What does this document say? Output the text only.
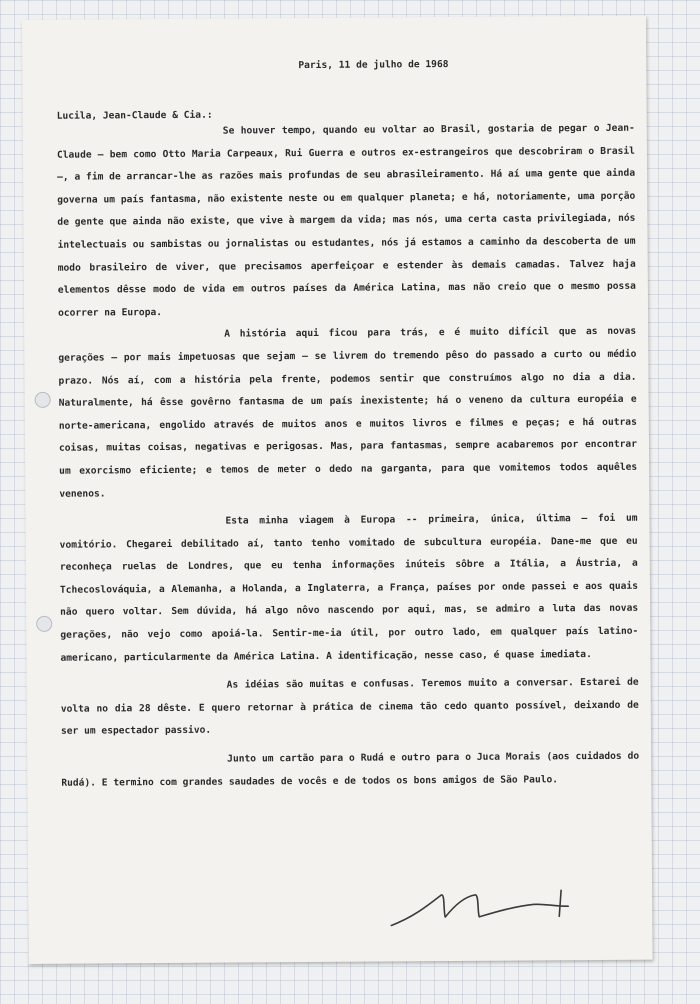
Paris, 11 de julho de 1968
Lucila, Jean-Claude & Cia.:

Se houver tempo, quando eu voltar ao Brasil, gostaria de pegar o Jean-Claude — bem como Otto Maria Carpeaux, Rui Guerra e outros ex-estrangeiros que descobriram o Brasil —, a fim de arrancar-lhe as razões mais profundas de seu abrasileiramento. Há aí uma gente que ainda governa um país fantasma, não existente neste ou em qualquer planeta; e há, notoriamente, uma porção de gente que ainda não existe, que vive à margem da vida; mas nós, uma certa casta privilegiada, nós intelectuais ou sambistas ou jornalistas ou estudantes, nós já estamos a caminho da descoberta de um modo brasileiro de viver, que precisamos aperfeiçoar e estender às demais camadas. Talvez haja elementos dêsse modo de vida em outros países da América Latina, mas não creio que o mesmo possa ocorrer na Europa.

A história aqui ficou para trás, e é muito difícil que as novas gerações — por mais impetuosas que sejam — se livrem do tremendo pêso do passado a curto ou médio prazo. Nós aí, com a história pela frente, podemos sentir que construímos algo no dia a dia. Naturalmente, há êsse govêrno fantasma de um país inexistente; há o veneno da cultura européia e norte-americana, engolido através de muitos anos e muitos livros e filmes e peças; e há outras coisas, muitas coisas, negativas e perigosas. Mas, para fantasmas, sempre acabaremos por encontrar um exorcismo eficiente; e temos de meter o dedo na garganta, para que vomitemos todos aquêles venenos.

Esta minha viagem à Europa -- primeira, única, última — foi um vomitório. Chegarei debilitado aí, tanto tenho vomitado de subcultura européia. Dane-me que eu reconheça ruelas de Londres, que eu tenha informações inúteis sôbre a Itália, a Áustria, a Tchecoslováquia, a Alemanha, a Holanda, a Inglaterra, a França, países por onde passei e aos quais não quero voltar. Sem dúvida, há algo nôvo nascendo por aqui, mas, se admiro a luta das novas gerações, não vejo como apoiá-la. Sentir-me-ia útil, por outro lado, em qualquer país latino-americano, particularmente da América Latina. A identificação, nesse caso, é quase imediata.

As idéias são muitas e confusas. Teremos muito a conversar. Estarei de volta no dia 28 dêste. E quero retornar à prática de cinema tão cedo quanto possível, deixando de ser um espectador passivo.

Junto um cartão para o Rudá e outro para o Juca Morais (aos cuidados do Rudá). E termino com grandes saudades de vocês e de todos os bons amigos de São Paulo.
